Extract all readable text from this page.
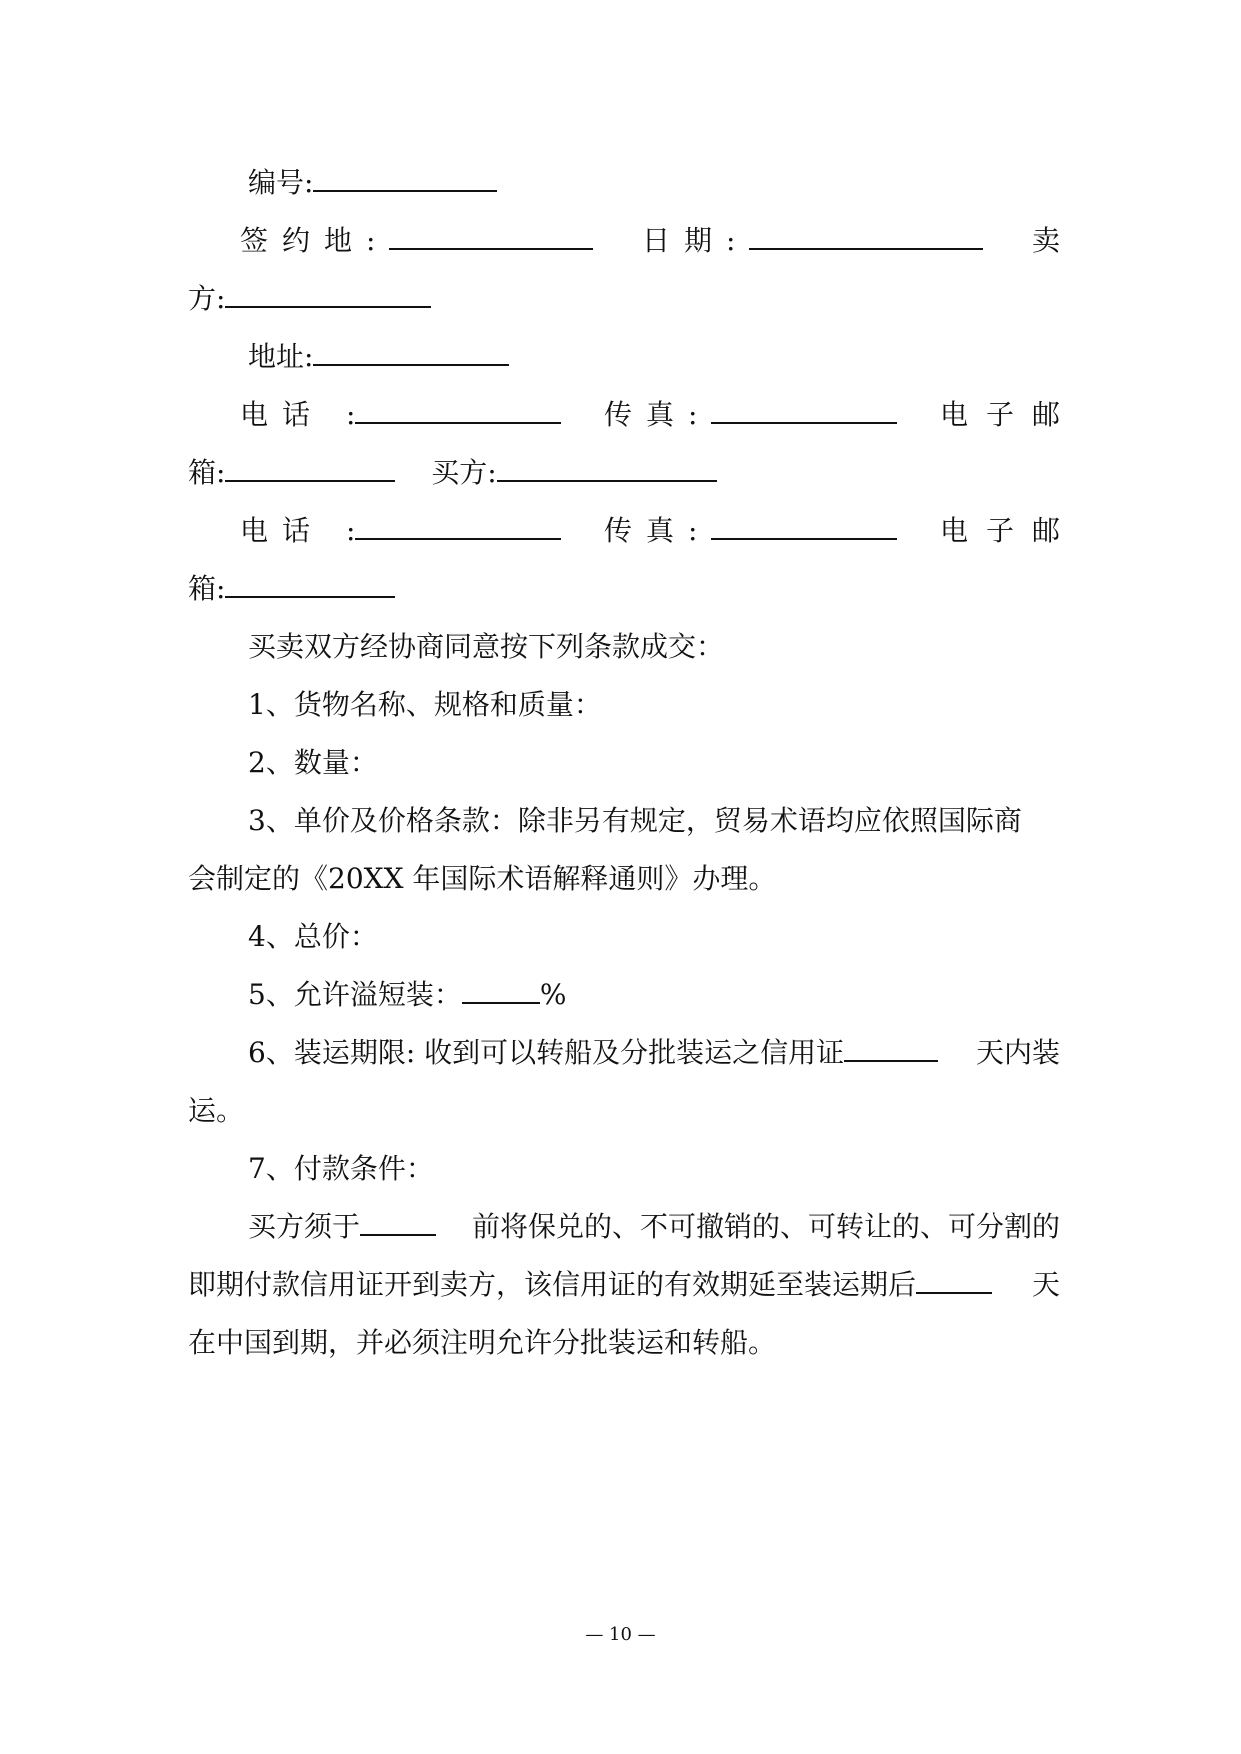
编号:
签约地:	日期:	卖
方:
地址:
电话 :	传真:	电子邮
箱:	买方:
电话 :	传真:	电子邮
箱:
买卖双方经协商同意按下列条款成交：
1、货物名称、规格和质量：
2、数量：
3、单价及价格条款：除非另有规定，贸易术语均应依照国际商
会制定的《20XX 年国际术语解释通则》办理。
4、总价：
5、允许溢短装：	%
6、装运期限: 收到可以转船及分批装运之信用证	天内装
运。
7、付款条件：
买方须于	前将保兑的、不可撤销的、可转让的、可分割的
即期付款信用证开到卖方，该信用证的有效期延至装运期后	天
在中国到期，并必须注明允许分批装运和转船。
— 10 —
